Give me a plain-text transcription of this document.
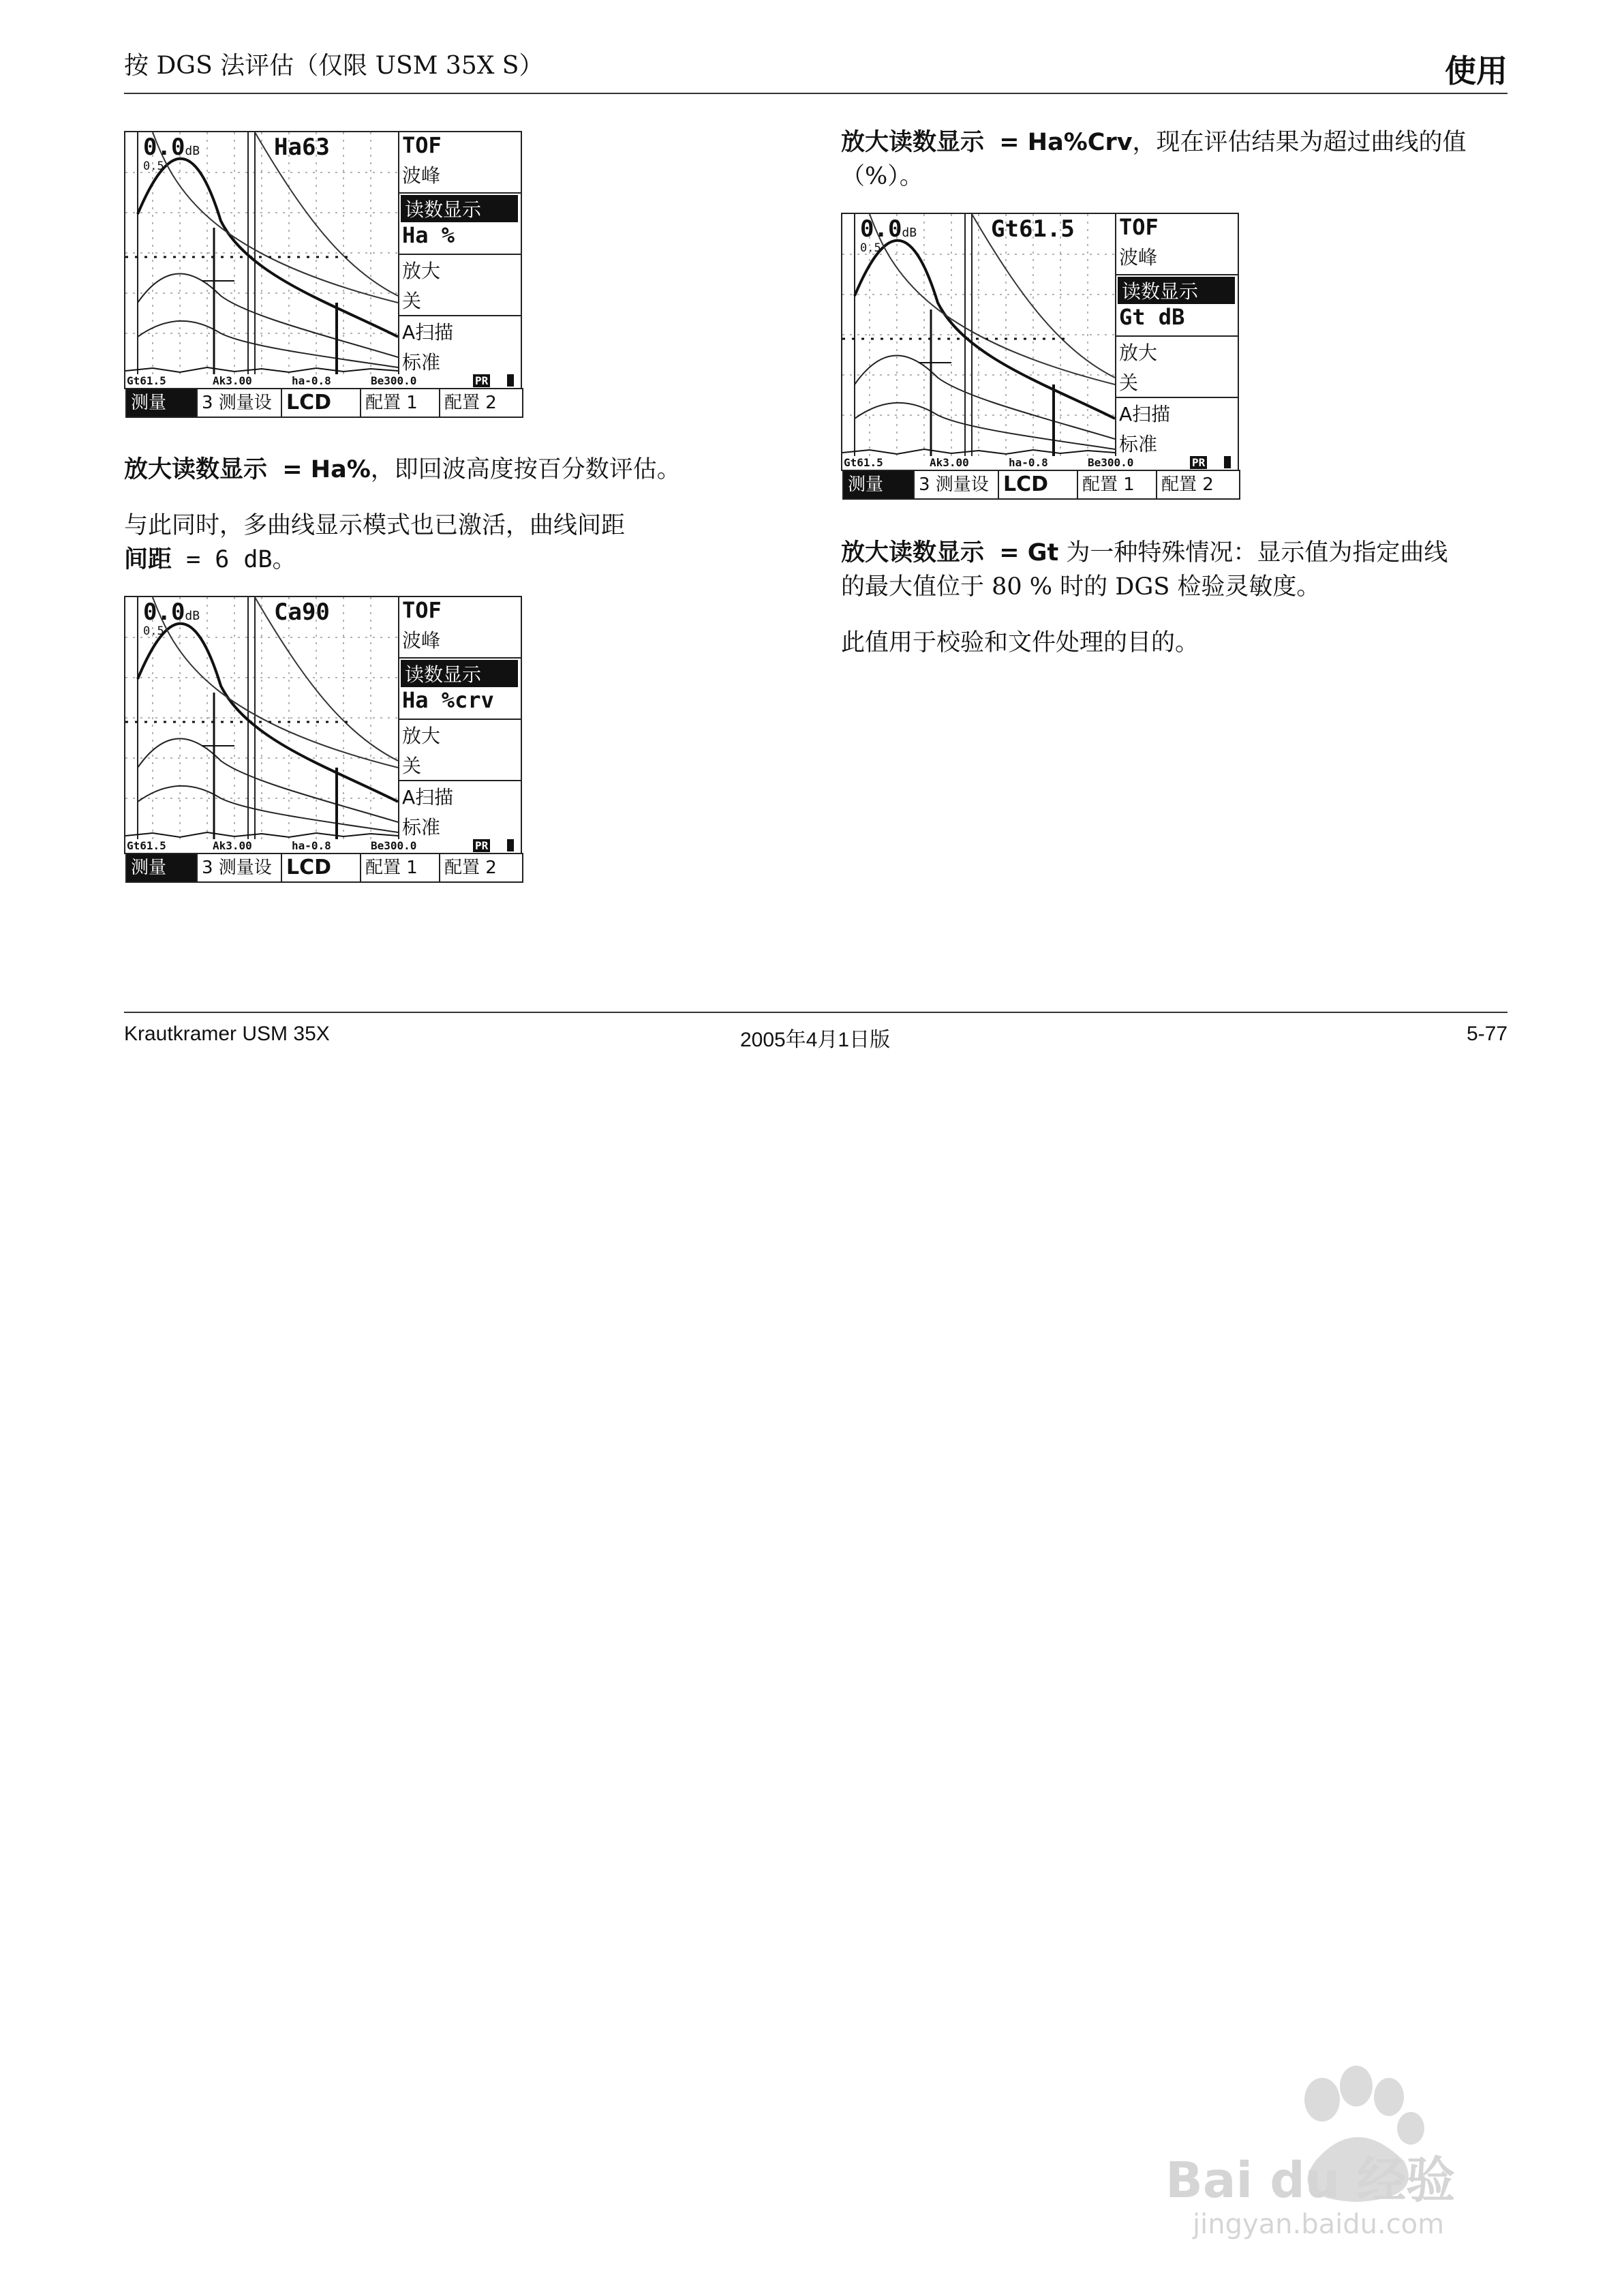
按 DGS 法评估（仅限 USM 35X S）	使用
0.0dB
0.5
Ha63	TOF
波峰
读数显示
Ha %
放大
关
A扫描
标准
Gt61.5	Ak3.00	ha-0.8	Be300.0	PR
测量	3 测量设 LCD	配置 1	配置 2
0.0dB
0.5
Ca90	TOF
波峰
读数显示
Ha %crv
放大
关
A扫描
标准
Gt61.5	Ak3.00	ha-0.8	Be300.0	PR
测量	3 测量设 LCD	配置 1	配置 2
0.0dB
0.5
Gt61.5 TOF
波峰
读数显示
Gt dB
放大
关
A扫描
标准
Gt61.5	Ak3.00	ha-0.8	Be300.0	PR
测量	3 测量设 LCD	配置 1	配置 2
放大读数显示 = Ha%，即回波高度按百分数评估。
与此同时，多曲线显示模式也已激活，曲线间距
间距 = 6 dB。
放大读数显示 = Ha%Crv，现在评估结果为超过曲线的值
（%）。
放大读数显示 = Gt 为一种特殊情况：显示值为指定曲线
的最大值位于 80 % 时的 DGS 检验灵敏度。
此值用于校验和文件处理的目的。
Krautkramer USM 35X	2005年4月1日版	5-77
Bai du 经验
jingyan.baidu.com
